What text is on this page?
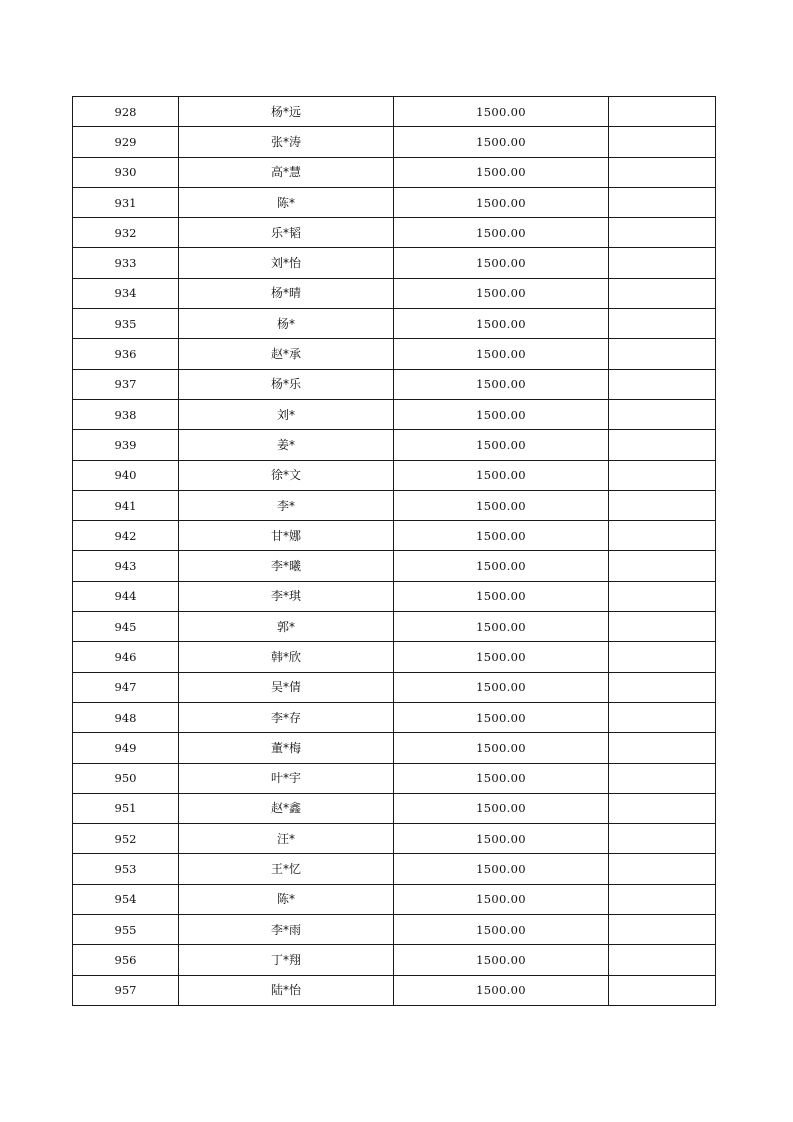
928	杨*远	1500.00	
929	张*涛	1500.00	
930	高*慧	1500.00	
931	陈*	1500.00	
932	乐*韬	1500.00	
933	刘*怡	1500.00	
934	杨*晴	1500.00	
935	杨*	1500.00	
936	赵*承	1500.00	
937	杨*乐	1500.00	
938	刘*	1500.00	
939	姜*	1500.00	
940	徐*文	1500.00	
941	李*	1500.00	
942	甘*娜	1500.00	
943	李*曦	1500.00	
944	李*琪	1500.00	
945	郭*	1500.00	
946	韩*欣	1500.00	
947	吴*倩	1500.00	
948	李*存	1500.00	
949	董*梅	1500.00	
950	叶*宇	1500.00	
951	赵*鑫	1500.00	
952	汪*	1500.00	
953	王*忆	1500.00	
954	陈*	1500.00	
955	李*雨	1500.00	
956	丁*翔	1500.00	
957	陆*怡	1500.00	
